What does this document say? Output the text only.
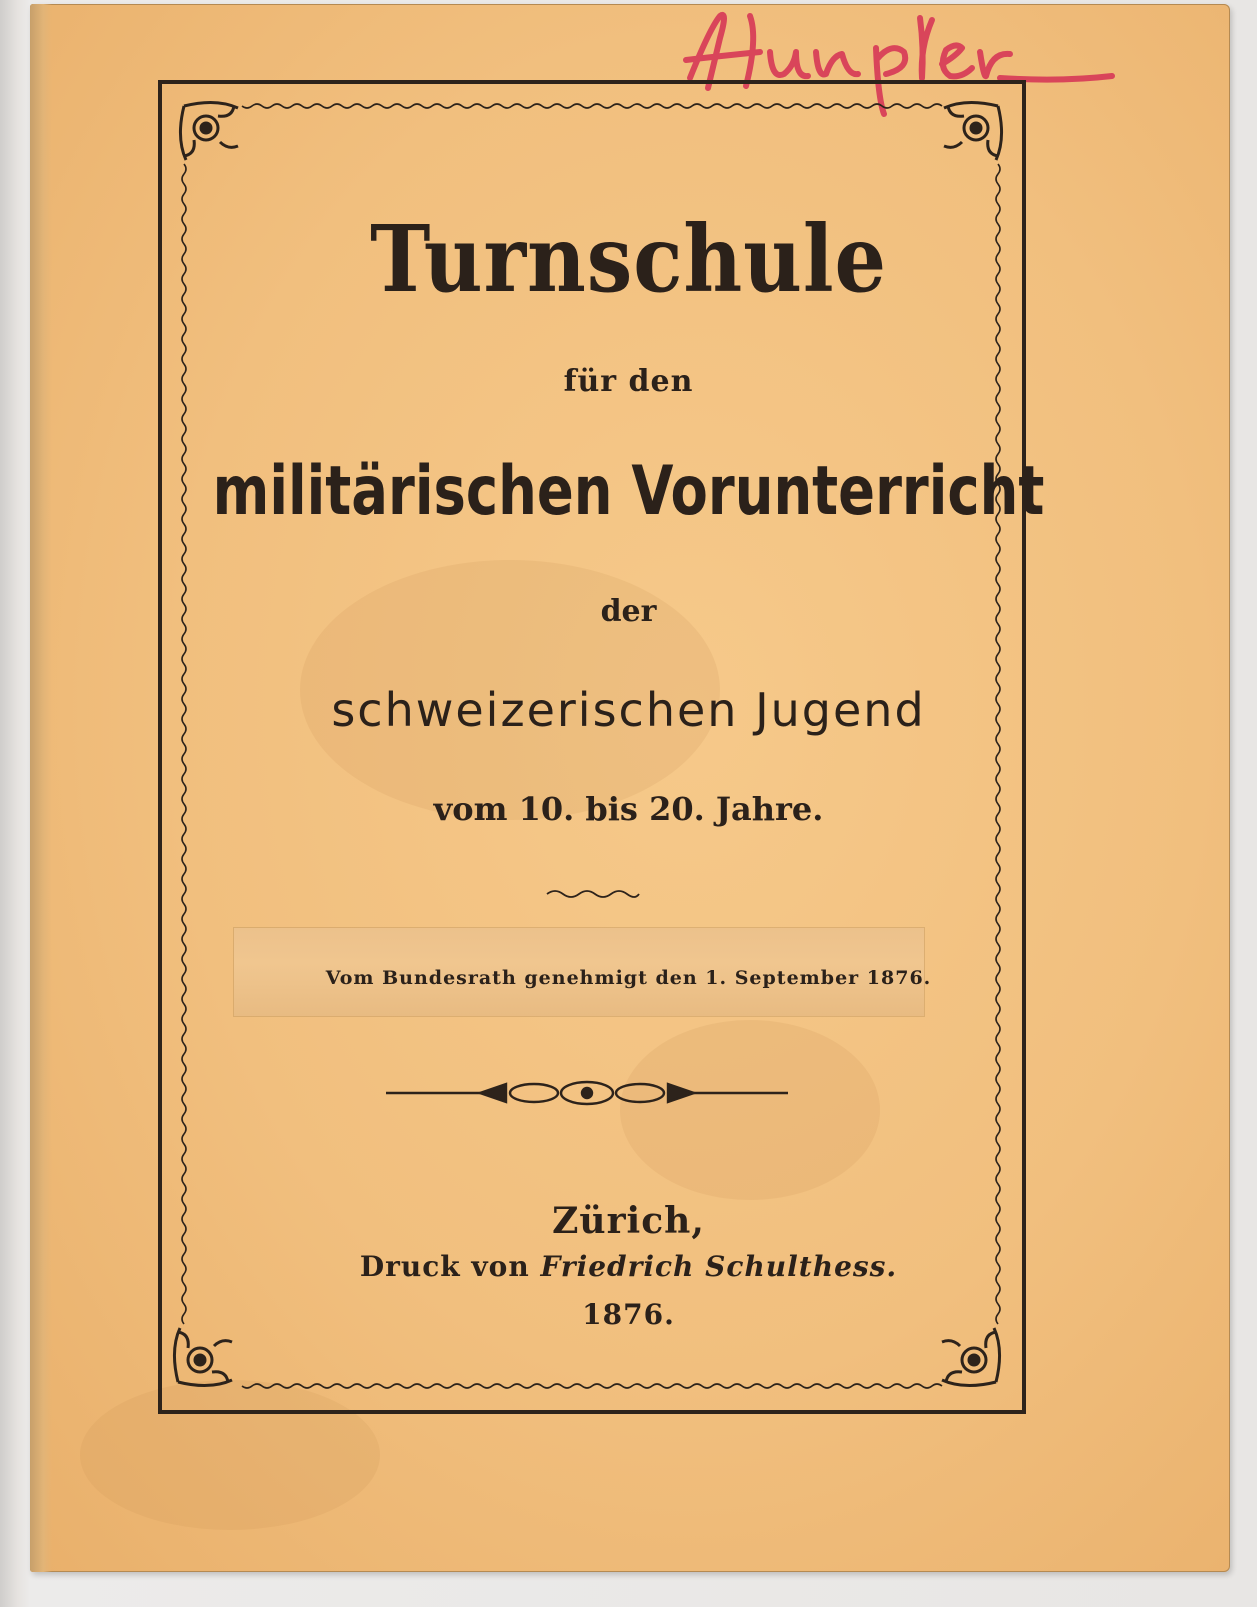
Turnschule
für den
militärischen Vorunterricht
der
schweizerischen Jugend
vom 10. bis 20. Jahre.
Vom Bundesrath genehmigt den 1. September 1876.
Zürich,
Druck von Friedrich Schulthess.
1876.
